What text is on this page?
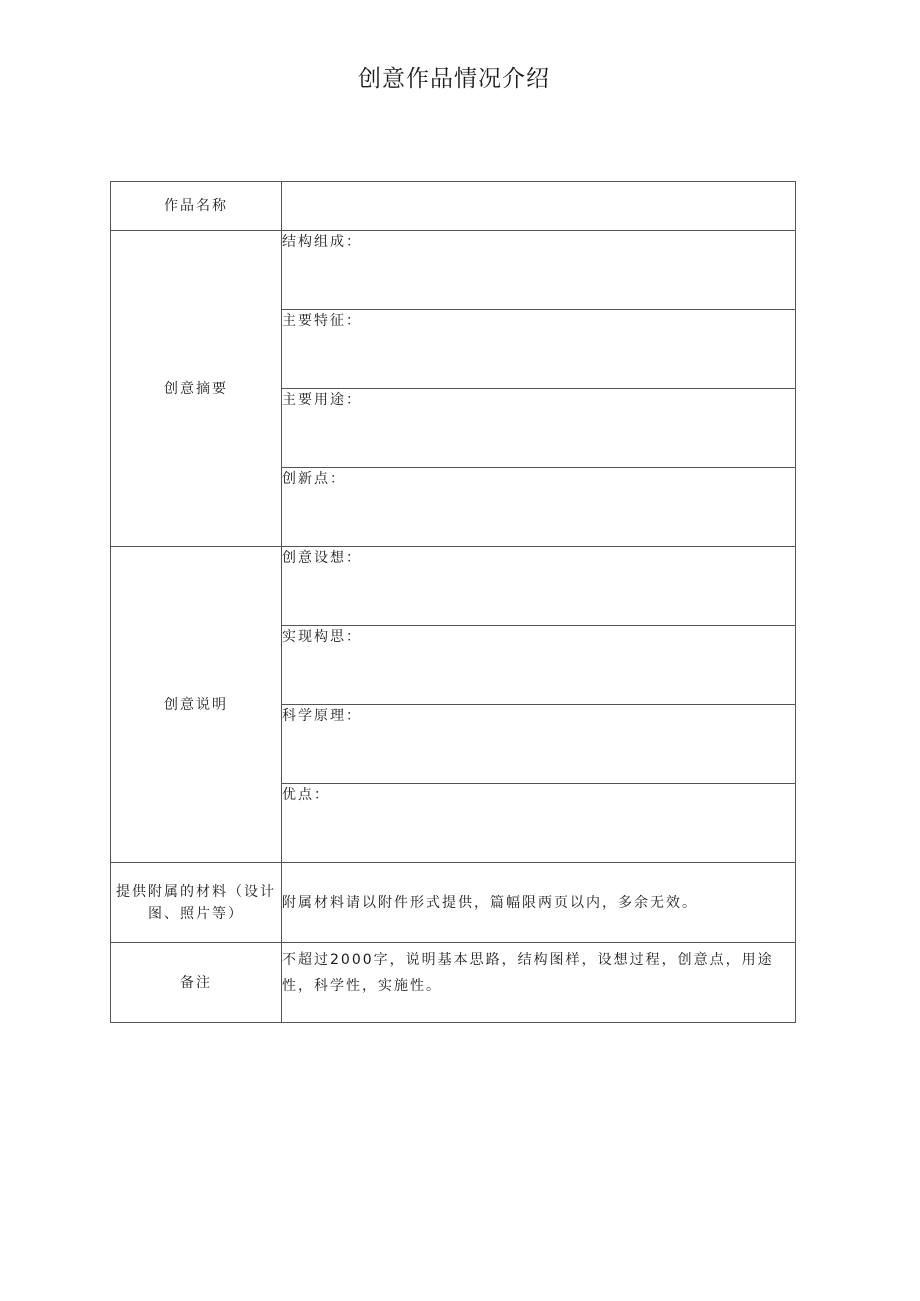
创意作品情况介绍
作品名称	
创意摘要	结构组成：
	主要特征：
	主要用途：
	创新点：
创意说明	创意设想：
	实现构思：
	科学原理：
	优点：
提供附属的材料（设计图、照片等）	附属材料请以附件形式提供，篇幅限两页以内，多余无效。
备注	不超过2000字，说明基本思路，结构图样，设想过程，创意点，用途性，科学性，实施性。
